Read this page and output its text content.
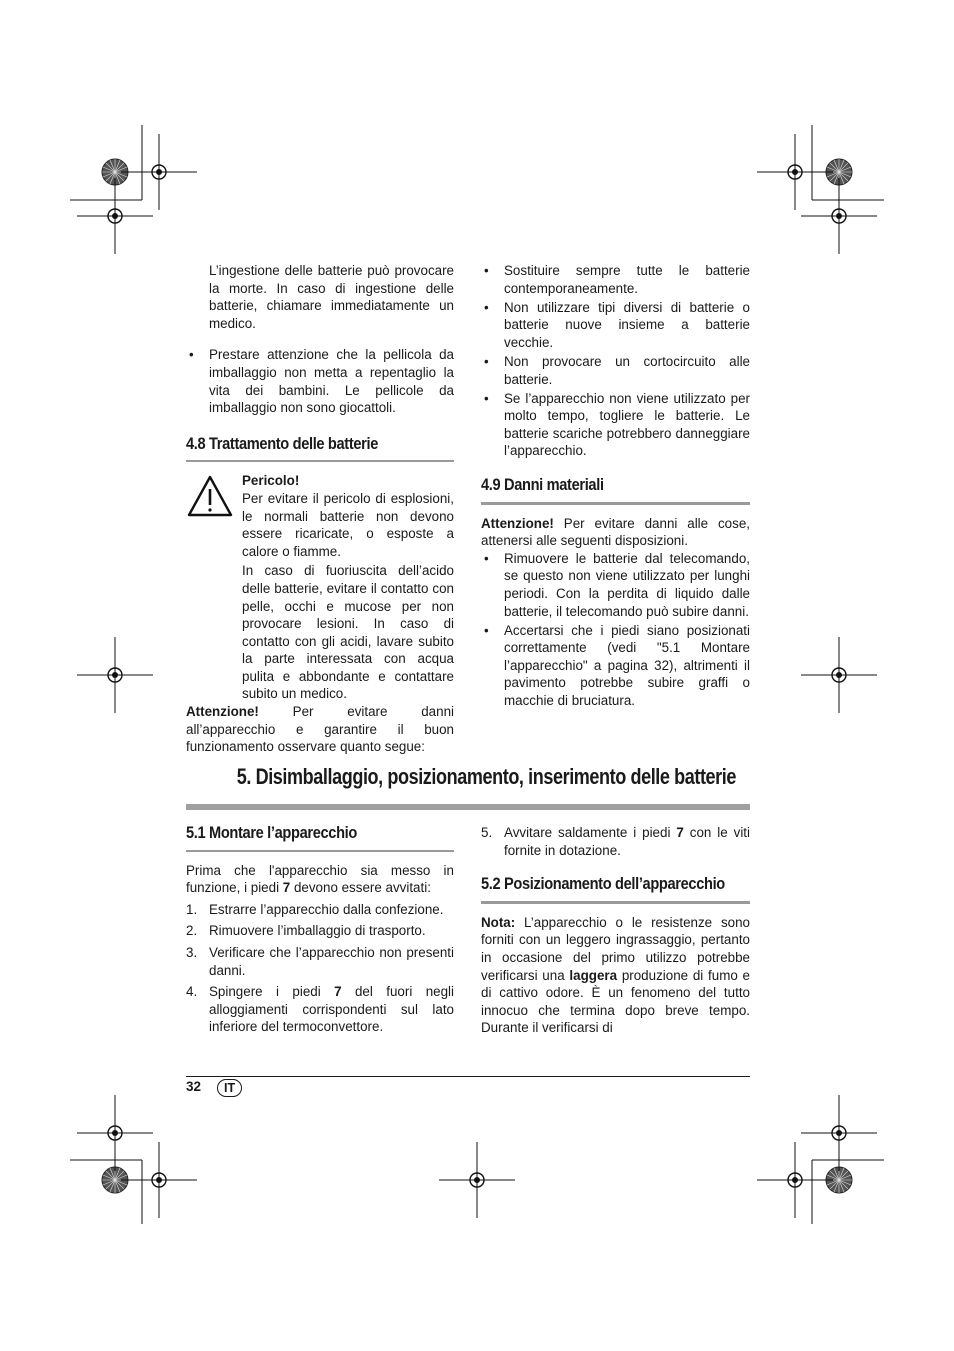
L’ingestione delle batterie può provocare la morte. In caso di ingestione delle batterie, chiamare immediatamente un medico.

• Prestare attenzione che la pellicola da imballaggio non metta a repentaglio la vita dei bambini. Le pellicole da imballaggio non sono giocattoli.
4.8 Trattamento delle batterie

Pericolo!

Per evitare il pericolo di esplosioni, le normali batterie non devono essere ricaricate, o esposte a calore o fiamme.

In caso di fuoriuscita dell’acido delle batterie, evitare il contatto con pelle, occhi e mucose per non provocare lesioni. In caso di contatto con gli acidi, lavare subito la parte interessata con acqua pulita e abbondante e contattare subito un medico.

Attenzione! Per evitare danni all’apparecchio e garantire il buon funzionamento osservare quanto segue:

• Sostituire sempre tutte le batterie contemporaneamente.
• Non utilizzare tipi diversi di batterie o batterie nuove insieme a batterie vecchie.
• Non provocare un cortocircuito alle batterie.
• Se l’apparecchio non viene utilizzato per molto tempo, togliere le batterie. Le batterie scariche potrebbero danneggiare l’apparecchio.
4.9 Danni materiali

Attenzione! Per evitare danni alle cose, attenersi alle seguenti disposizioni.

• Rimuovere le batterie dal telecomando, se questo non viene utilizzato per lunghi periodi. Con la perdita di liquido dalle batterie, il telecomando può subire danni.
• Accertarsi che i piedi siano posizionati correttamente (vedi "5.1 Montare l’apparecchio" a pagina 32), altrimenti il pavimento potrebbe subire graffi o macchie di bruciatura.
5. Disimballaggio, posizionamento, inserimento delle batterie
5.1 Montare l’apparecchio

Prima che l'apparecchio sia messo in funzione, i piedi 7 devono essere avvitati:

1. Estrarre l’apparecchio dalla confezione.
2. Rimuovere l’imballaggio di trasporto.
3. Verificare che l’apparecchio non presenti danni.
4. Spingere i piedi 7 del fuori negli alloggiamenti corrispondenti sul lato inferiore del termoconvettore.
5. Avvitare saldamente i piedi 7 con le viti fornite in dotazione.
5.2 Posizionamento dell’apparecchio

Nota: L’apparecchio o le resistenze sono forniti con un leggero ingrassaggio, pertanto in occasione del primo utilizzo potrebbe verificarsi una laggera produzione di fumo e di cattivo odore. È un fenomeno del tutto innocuo che termina dopo breve tempo. Durante il verificarsi di

32	IT
